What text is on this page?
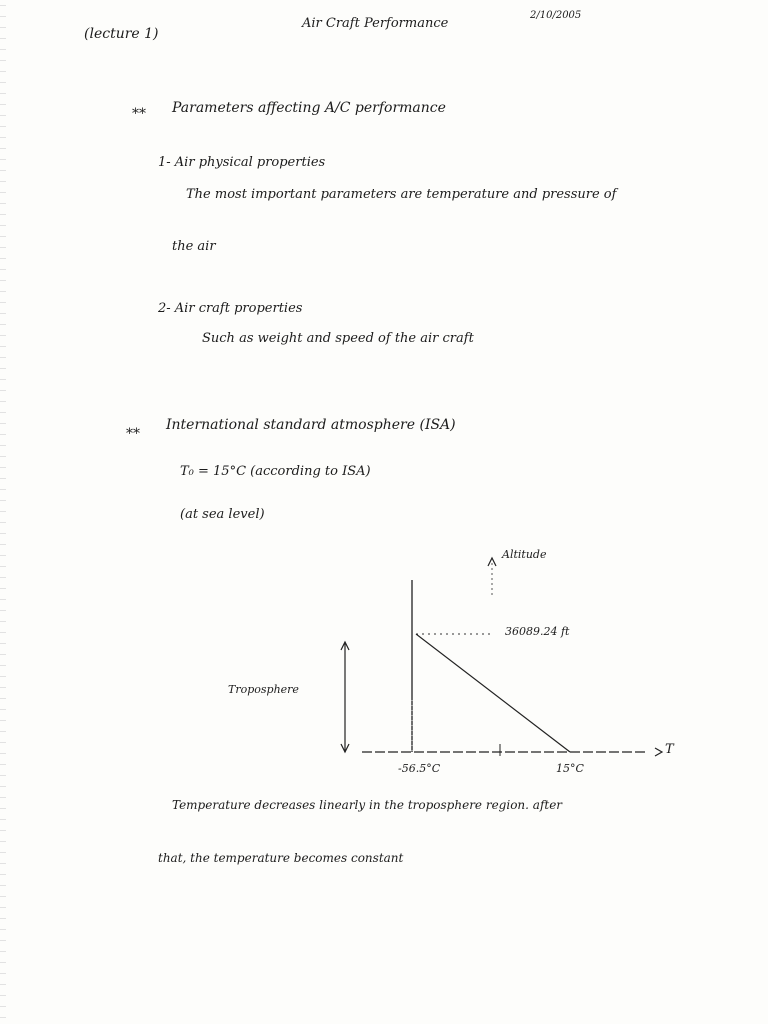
(lecture 1)
Air Craft Performance
2/10/2005
** Parameters affecting A/C performance
1- Air physical properties
The most important parameters are temperature and pressure of
the air
2- Air craft properties
Such as weight and speed of the air craft
**
International standard atmosphere (ISA)
T₀ = 15°C (according to ISA)
(at sea level)
Altitude
36089.24 ft
Troposphere
-56.5°C	15°C
T
Temperature decreases linearly in the troposphere region. after
that, the temperature becomes constant
